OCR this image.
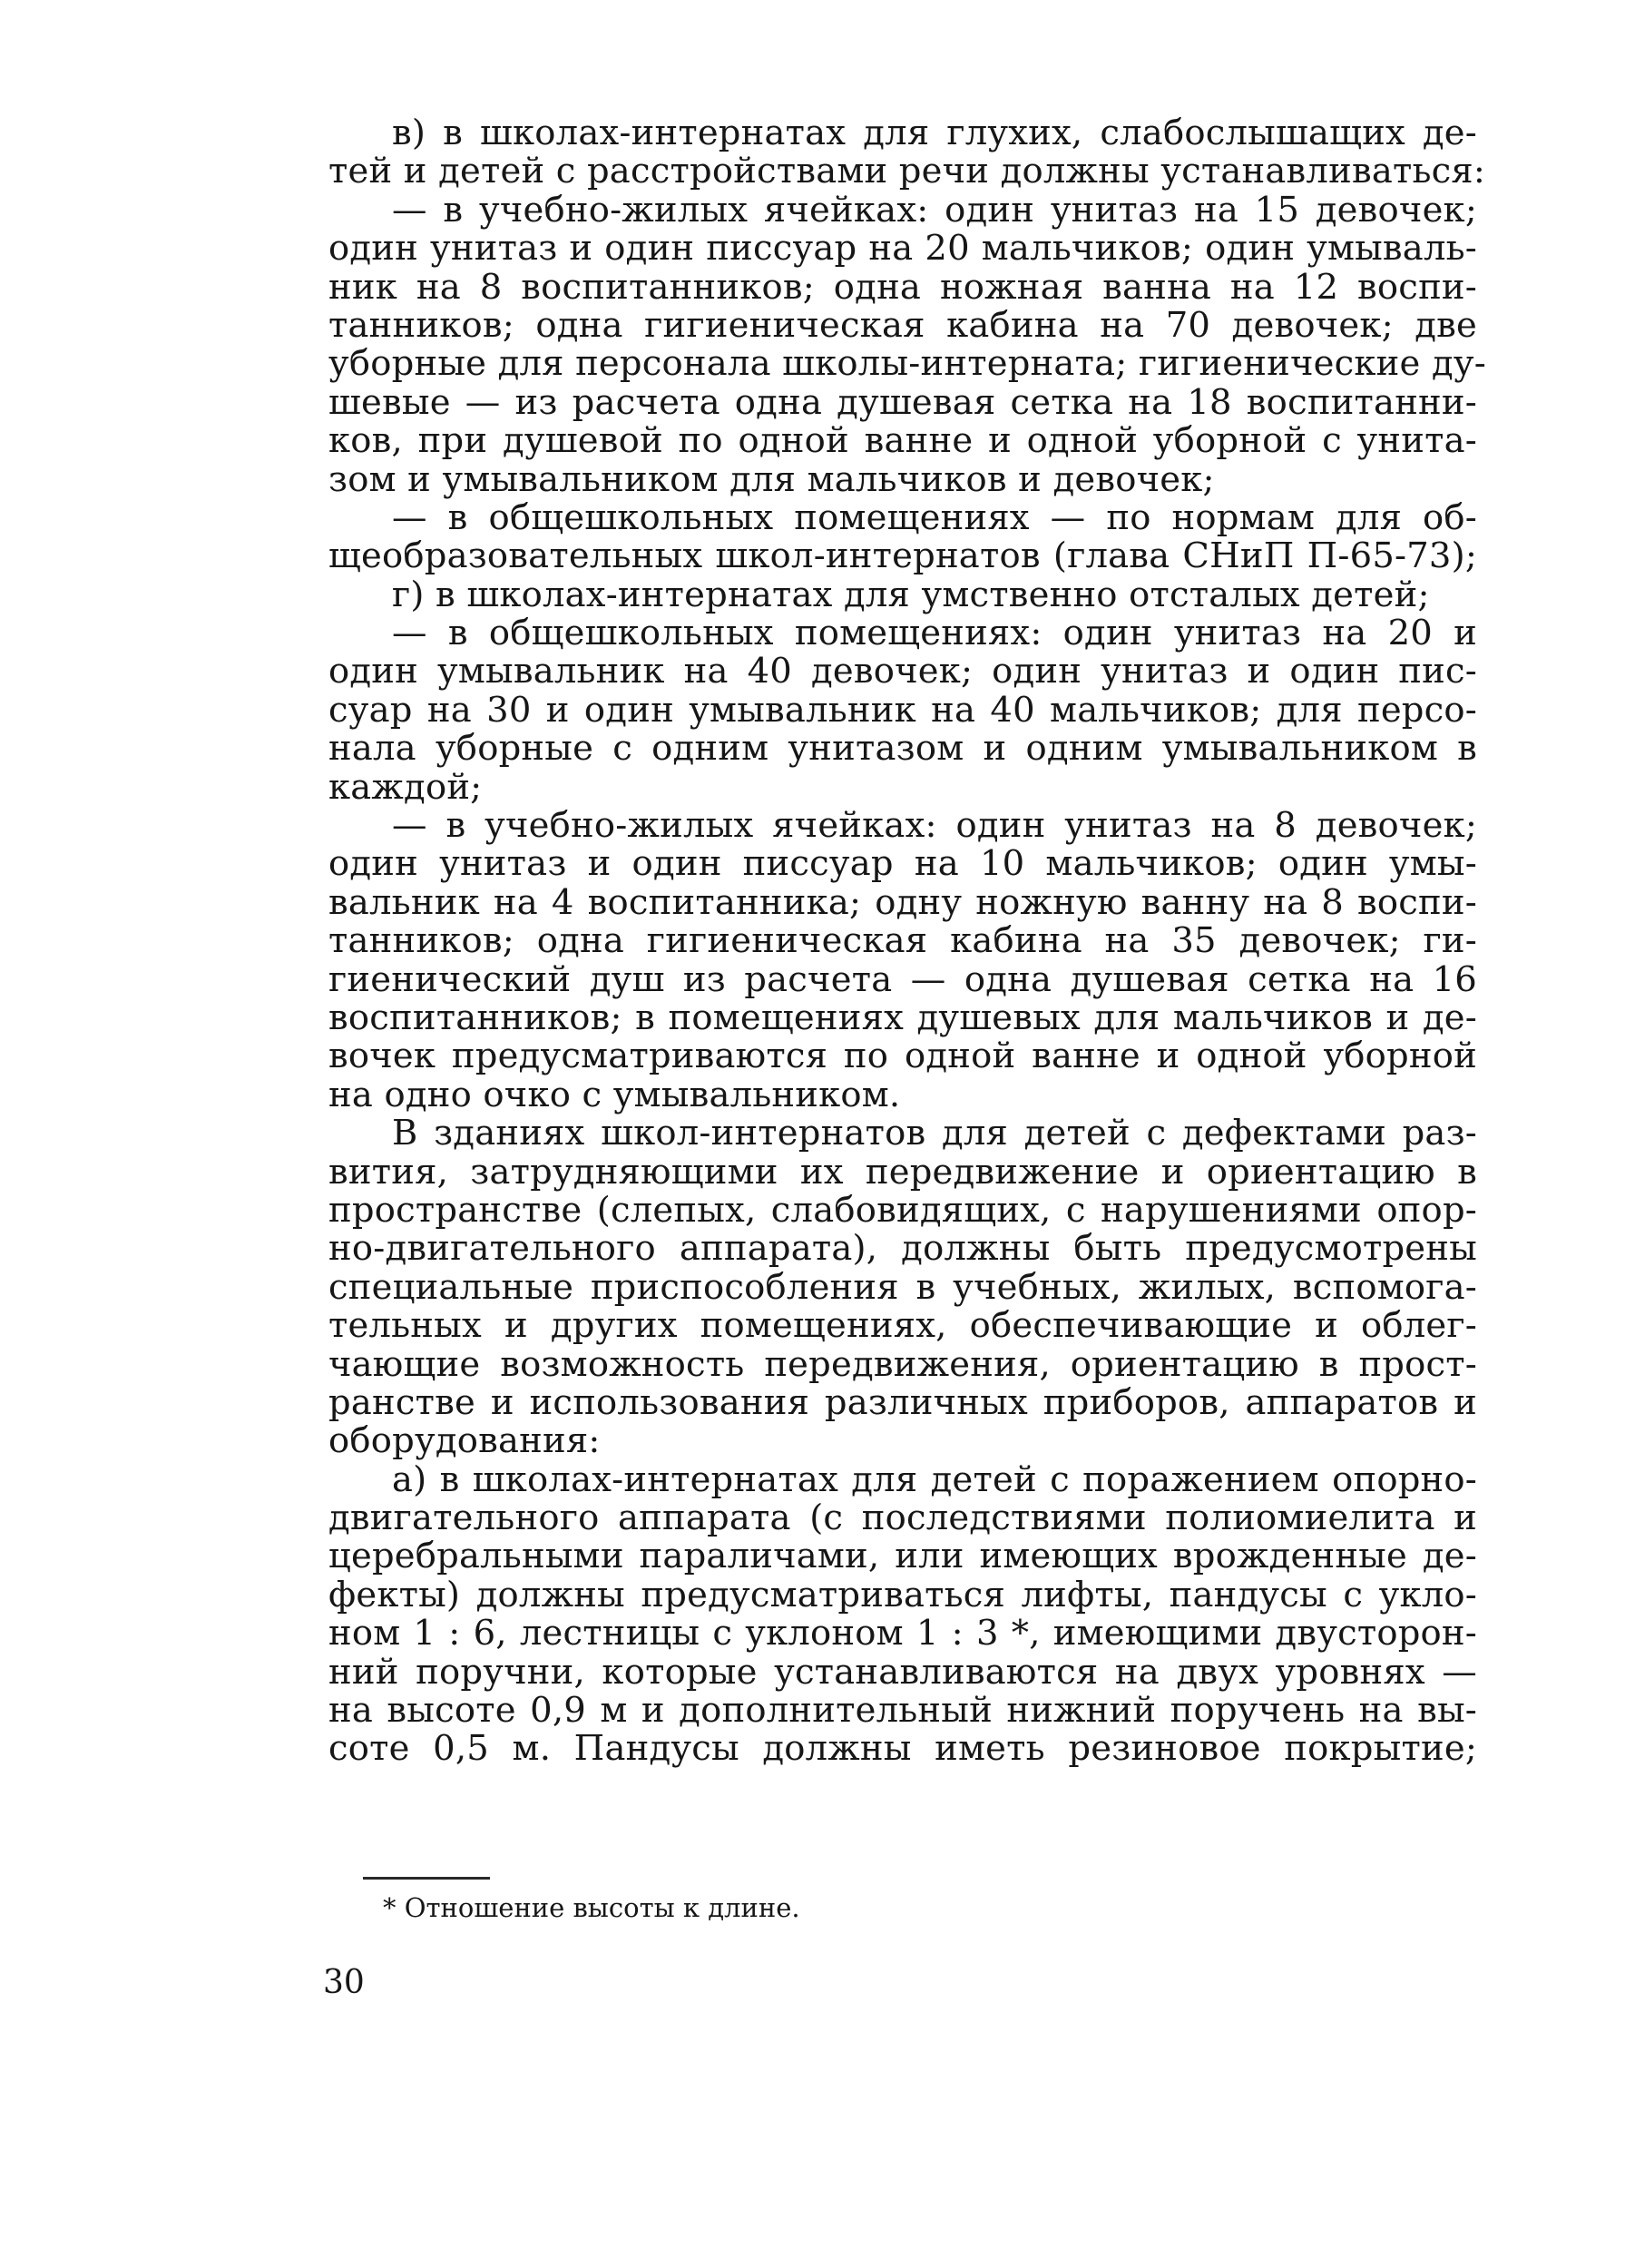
в) в школах-интернатах для глухих, слабослышащих де-
тей и детей с расстройствами речи должны устанавливаться:
— в учебно-жилых ячейках: один унитаз на 15 девочек;
один унитаз и один писсуар на 20 мальчиков; один умываль-
ник на 8 воспитанников; одна ножная ванна на 12 воспи-
танников; одна гигиеническая кабина на 70 девочек; две
уборные для персонала школы-интерната; гигиенические ду-
шевые — из расчета одна душевая сетка на 18 воспитанни-
ков, при душевой по одной ванне и одной уборной с унита-
зом и умывальником для мальчиков и девочек;
— в общешкольных помещениях — по нормам для об-
щеобразовательных школ-интернатов (глава СНиП П-65-73);
г) в школах-интернатах для умственно отсталых детей;
— в общешкольных помещениях: один унитаз на 20 и
один умывальник на 40 девочек; один унитаз и один пис-
суар на 30 и один умывальник на 40 мальчиков; для персо-
нала уборные с одним унитазом и одним умывальником в
каждой;
— в учебно-жилых ячейках: один унитаз на 8 девочек;
один унитаз и один писсуар на 10 мальчиков; один умы-
вальник на 4 воспитанника; одну ножную ванну на 8 воспи-
танников; одна гигиеническая кабина на 35 девочек; ги-
гиенический душ из расчета — одна душевая сетка на 16
воспитанников; в помещениях душевых для мальчиков и де-
вочек предусматриваются по одной ванне и одной уборной
на одно очко с умывальником.
В зданиях школ-интернатов для детей с дефектами раз-
вития, затрудняющими их передвижение и ориентацию в
пространстве (слепых, слабовидящих, с нарушениями опор-
но-двигательного аппарата), должны быть предусмотрены
специальные приспособления в учебных, жилых, вспомога-
тельных и других помещениях, обеспечивающие и облег-
чающие возможность передвижения, ориентацию в прост-
ранстве и использования различных приборов, аппаратов и
оборудования:
а) в школах-интернатах для детей с поражением опорно-
двигательного аппарата (с последствиями полиомиелита и
церебральными параличами, или имеющих врожденные де-
фекты) должны предусматриваться лифты, пандусы с укло-
ном 1 : 6, лестницы с уклоном 1 : 3 *, имеющими двусторон-
ний поручни, которые устанавливаются на двух уровнях —
на высоте 0,9 м и дополнительный нижний поручень на вы-
соте 0,5 м. Пандусы должны иметь резиновое покрытие;
* Отношение высоты к длине.
30
